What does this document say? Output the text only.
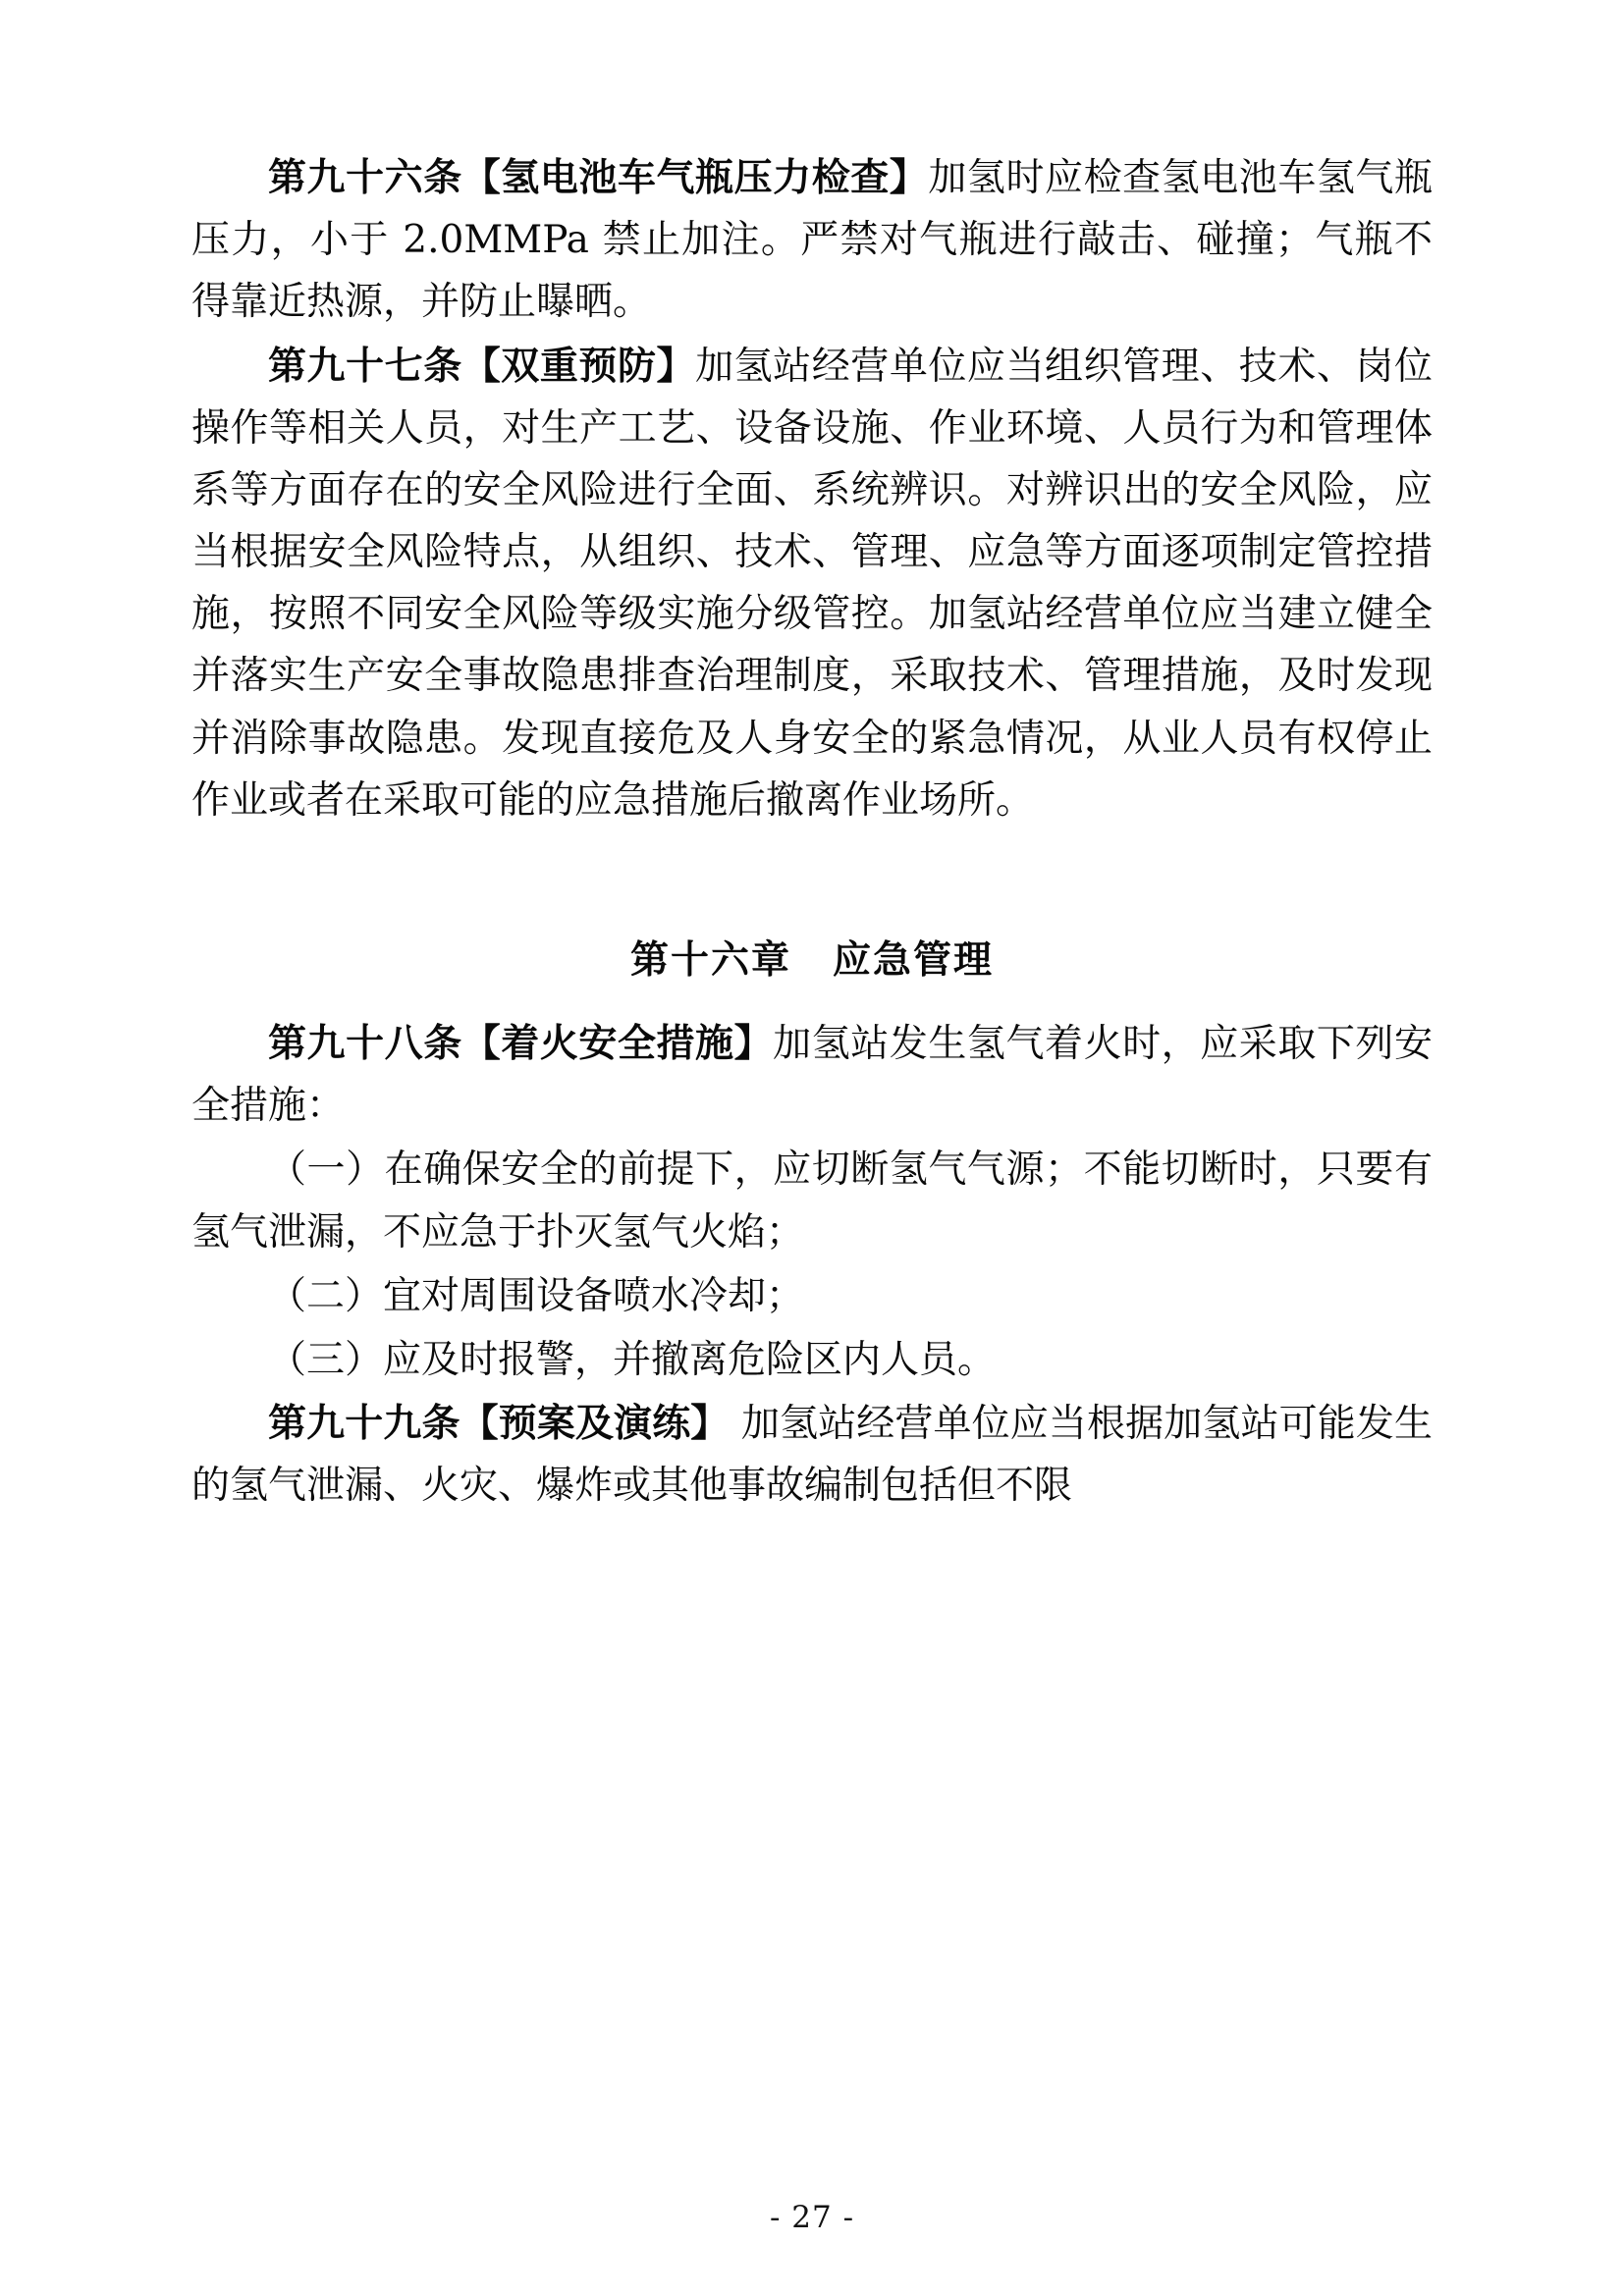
第九十六条【氢电池车气瓶压力检查】加氢时应检查氢电池车氢气瓶压力，小于 2.0MMPa 禁止加注。严禁对气瓶进行敲击、碰撞；气瓶不得靠近热源，并防止曝晒。

第九十七条【双重预防】加氢站经营单位应当组织管理、技术、岗位操作等相关人员，对生产工艺、设备设施、作业环境、人员行为和管理体系等方面存在的安全风险进行全面、系统辨识。对辨识出的安全风险，应当根据安全风险特点，从组织、技术、管理、应急等方面逐项制定管控措施，按照不同安全风险等级实施分级管控。加氢站经营单位应当建立健全并落实生产安全事故隐患排查治理制度，采取技术、管理措施，及时发现并消除事故隐患。发现直接危及人身安全的紧急情况，从业人员有权停止作业或者在采取可能的应急措施后撤离作业场所。

第十六章 应急管理

第九十八条【着火安全措施】加氢站发生氢气着火时，应采取下列安全措施：

（一）在确保安全的前提下，应切断氢气气源；不能切断时，只要有氢气泄漏，不应急于扑灭氢气火焰；

（二）宜对周围设备喷水冷却；

（三）应及时报警，并撤离危险区内人员。

第九十九条【预案及演练】 加氢站经营单位应当根据加氢站可能发生的氢气泄漏、火灾、爆炸或其他事故编制包括但不限

- 27 -
